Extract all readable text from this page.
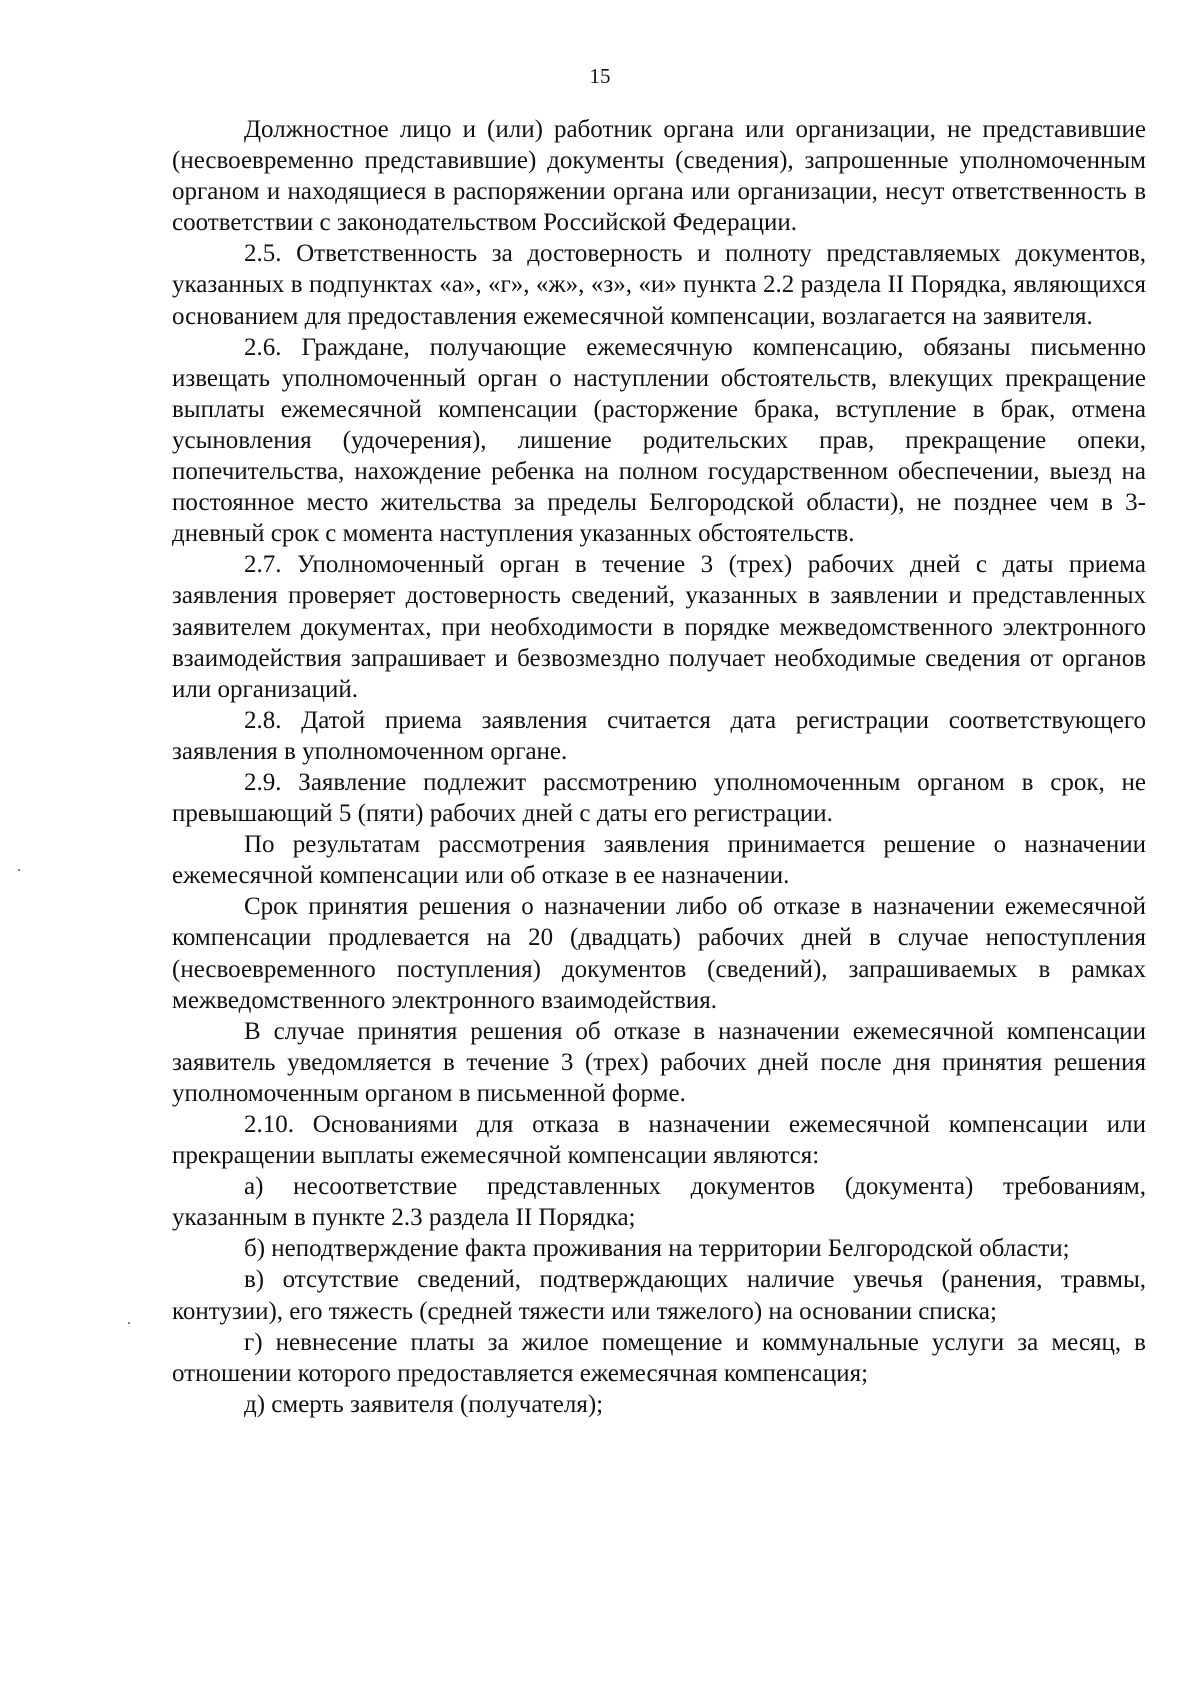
15

Должностное лицо и (или) работник органа или организации, не представившие (несвоевременно представившие) документы (сведения), запрошенные уполномоченным органом и находящиеся в распоряжении органа или организации, несут ответственность в соответствии с законодательством Российской Федерации.

2.5. Ответственность за достоверность и полноту представляемых документов, указанных в подпунктах «а», «г», «ж», «з», «и» пункта 2.2 раздела II Порядка, являющихся основанием для предоставления ежемесячной компенсации, возлагается на заявителя.

2.6. Граждане, получающие ежемесячную компенсацию, обязаны письменно извещать уполномоченный орган о наступлении обстоятельств, влекущих прекращение выплаты ежемесячной компенсации (расторжение брака, вступление в брак, отмена усыновления (удочерения), лишение родительских прав, прекращение опеки, попечительства, нахождение ребенка на полном государственном обеспечении, выезд на постоянное место жительства за пределы Белгородской области), не позднее чем в 3-дневный срок с момента наступления указанных обстоятельств.

2.7. Уполномоченный орган в течение 3 (трех) рабочих дней с даты приема заявления проверяет достоверность сведений, указанных в заявлении и представленных заявителем документах, при необходимости в порядке межведомственного электронного взаимодействия запрашивает и безвозмездно получает необходимые сведения от органов или организаций.

2.8. Датой приема заявления считается дата регистрации соответствующего заявления в уполномоченном органе.

2.9. Заявление подлежит рассмотрению уполномоченным органом в срок, не превышающий 5 (пяти) рабочих дней с даты его регистрации.

По результатам рассмотрения заявления принимается решение о назначении ежемесячной компенсации или об отказе в ее назначении.

Срок принятия решения о назначении либо об отказе в назначении ежемесячной компенсации продлевается на 20 (двадцать) рабочих дней в случае непоступления (несвоевременного поступления) документов (сведений), запрашиваемых в рамках межведомственного электронного взаимодействия.

В случае принятия решения об отказе в назначении ежемесячной компенсации заявитель уведомляется в течение 3 (трех) рабочих дней после дня принятия решения уполномоченным органом в письменной форме.

2.10. Основаниями для отказа в назначении ежемесячной компенсации или прекращении выплаты ежемесячной компенсации являются:

а) несоответствие представленных документов (документа) требованиям, указанным в пункте 2.3 раздела II Порядка;

б) неподтверждение факта проживания на территории Белгородской области;

в) отсутствие сведений, подтверждающих наличие увечья (ранения, травмы, контузии), его тяжесть (средней тяжести или тяжелого) на основании списка;

г) невнесение платы за жилое помещение и коммунальные услуги за месяц, в отношении которого предоставляется ежемесячная компенсация;

д) смерть заявителя (получателя);
